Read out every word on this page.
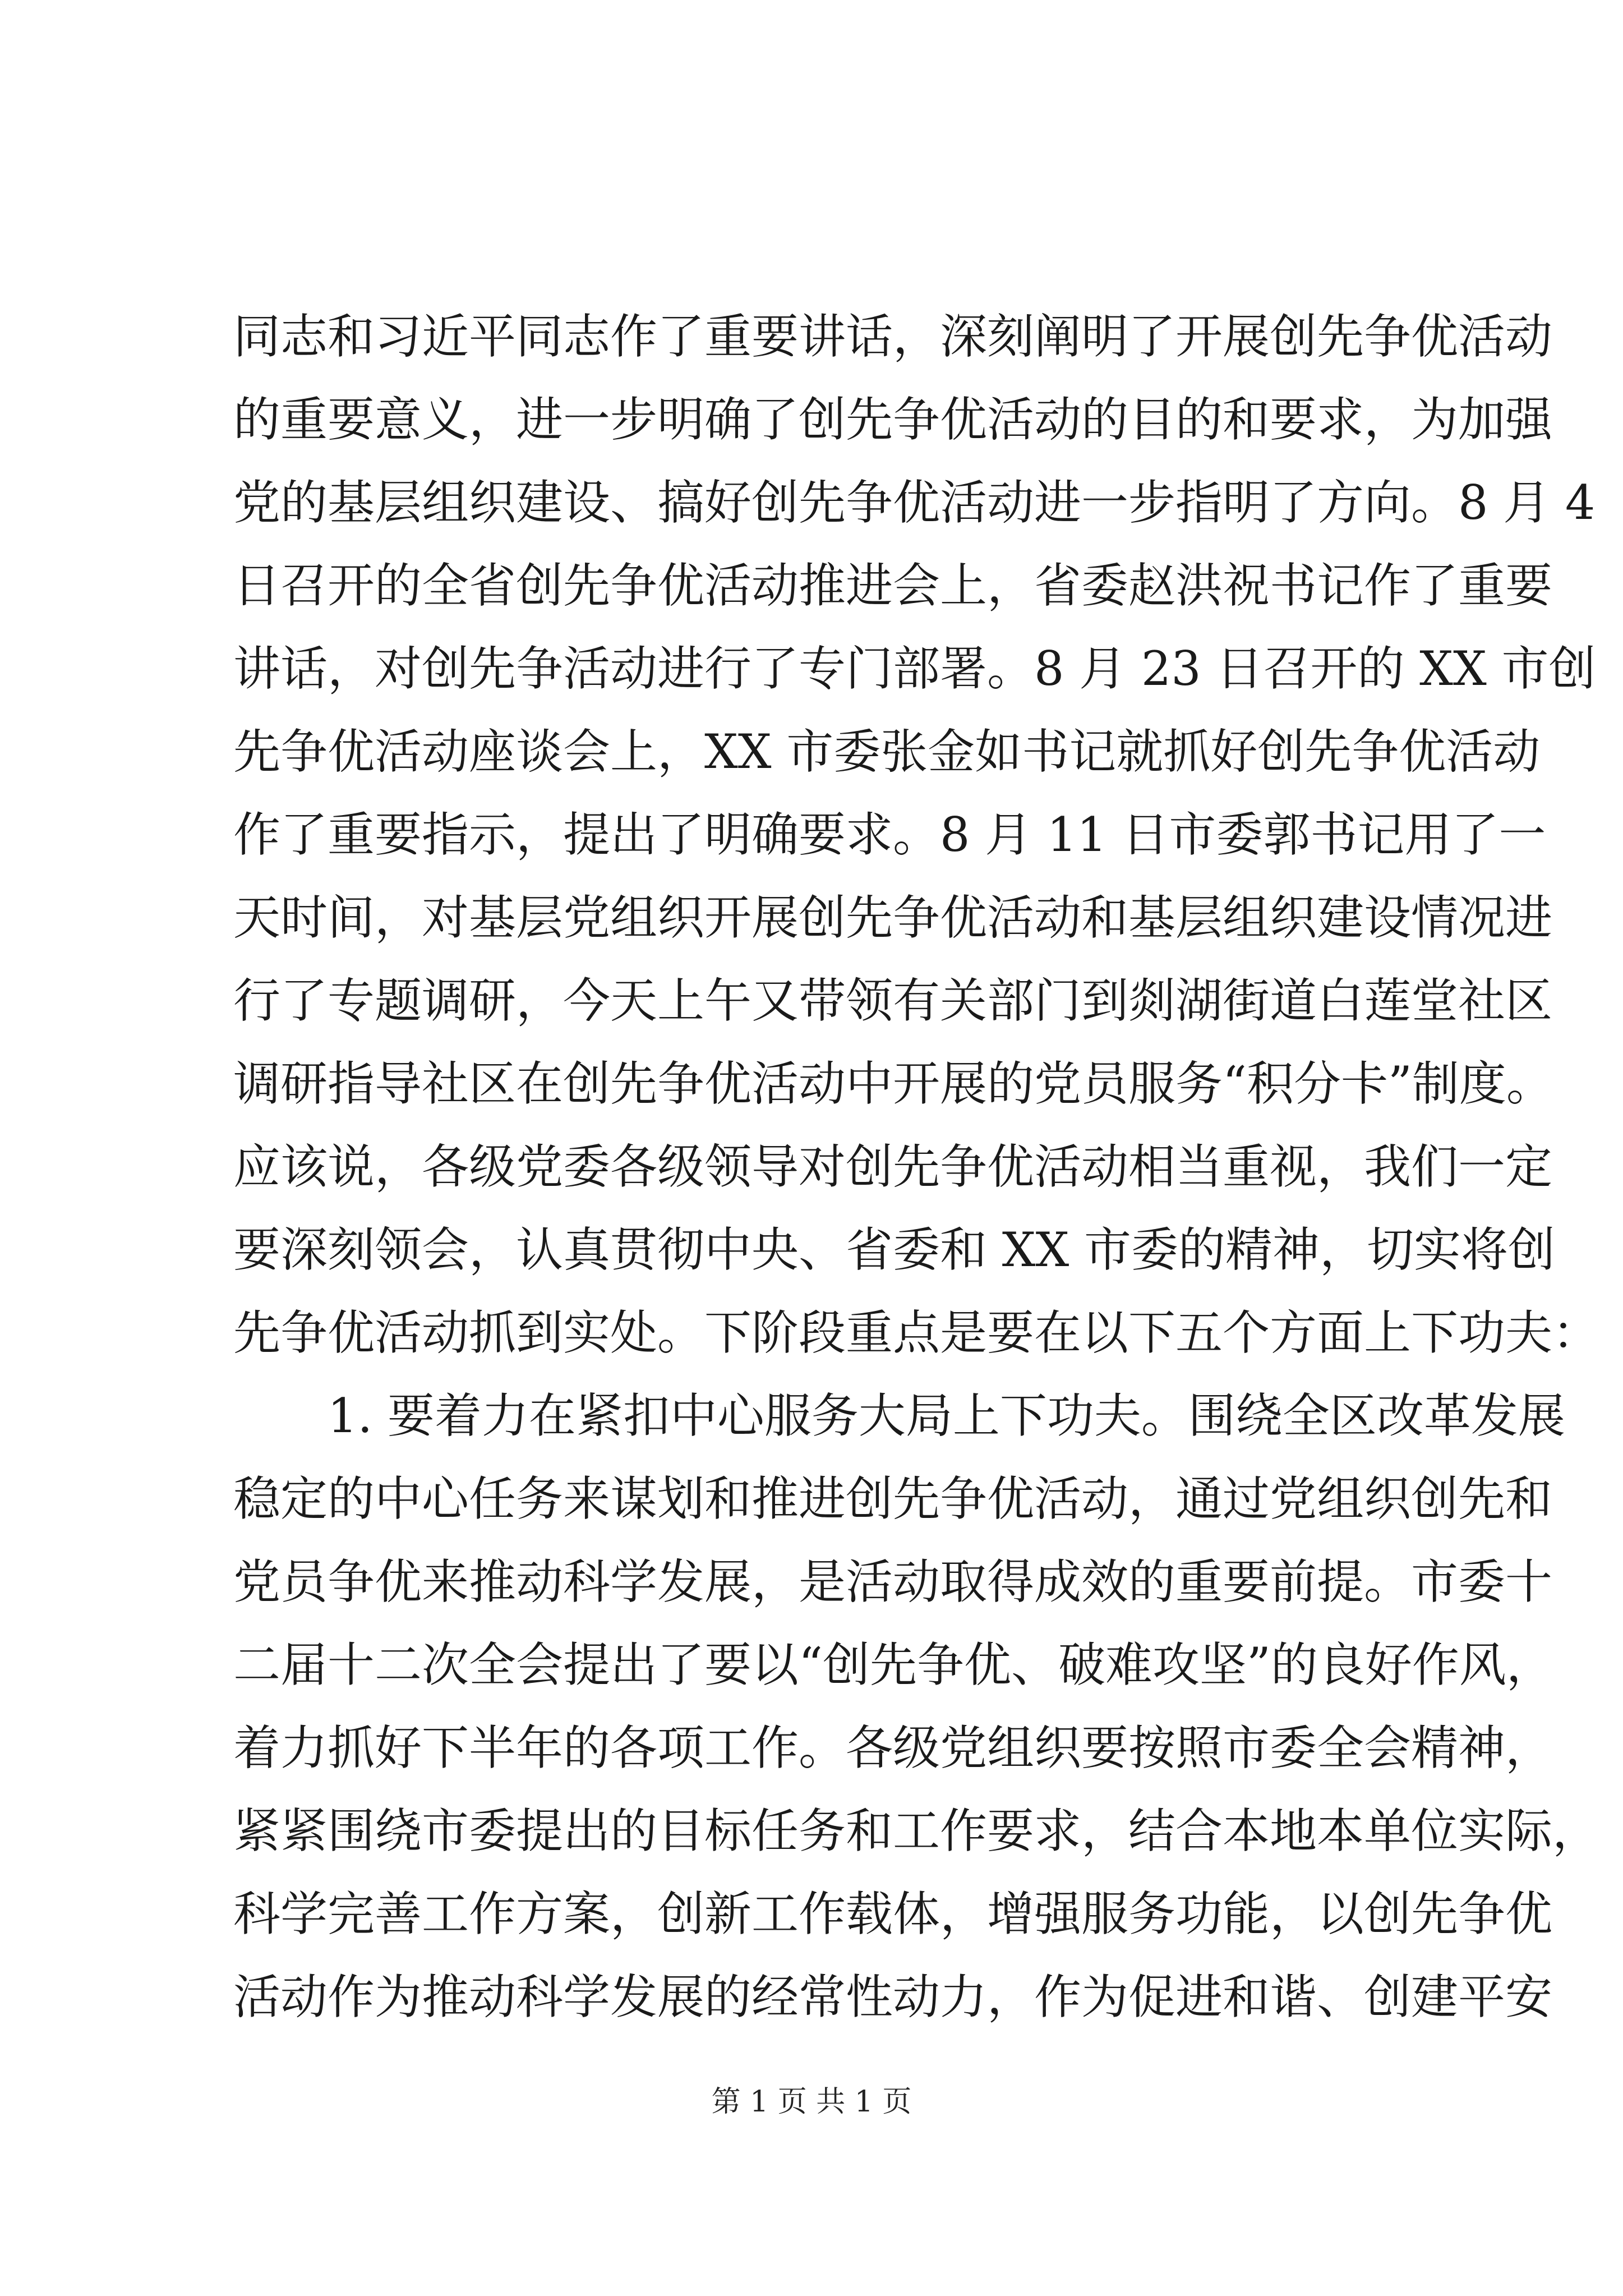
同志和习近平同志作了重要讲话，深刻阐明了开展创先争优活动
的重要意义，进一步明确了创先争优活动的目的和要求，为加强
党的基层组织建设、搞好创先争优活动进一步指明了方向。8 月 4
日召开的全省创先争优活动推进会上，省委赵洪祝书记作了重要
讲话，对创先争活动进行了专门部署。8 月 23 日召开的 XX 市创
先争优活动座谈会上，XX 市委张金如书记就抓好创先争优活动
作了重要指示，提出了明确要求。8 月 11 日市委郭书记用了一
天时间，对基层党组织开展创先争优活动和基层组织建设情况进
行了专题调研，今天上午又带领有关部门到剡湖街道白莲堂社区
调研指导社区在创先争优活动中开展的党员服务“积分卡”制度。
应该说，各级党委各级领导对创先争优活动相当重视，我们一定
要深刻领会，认真贯彻中央、省委和 XX 市委的精神，切实将创
先争优活动抓到实处。下阶段重点是要在以下五个方面上下功夫：
1. 要着力在紧扣中心服务大局上下功夫。围绕全区改革发展
稳定的中心任务来谋划和推进创先争优活动，通过党组织创先和
党员争优来推动科学发展，是活动取得成效的重要前提。市委十
二届十二次全会提出了要以“创先争优、破难攻坚”的良好作风，
着力抓好下半年的各项工作。各级党组织要按照市委全会精神，
紧紧围绕市委提出的目标任务和工作要求，结合本地本单位实际，
科学完善工作方案，创新工作载体，增强服务功能，以创先争优
活动作为推动科学发展的经常性动力，作为促进和谐、创建平安
第 1 页 共 1 页
